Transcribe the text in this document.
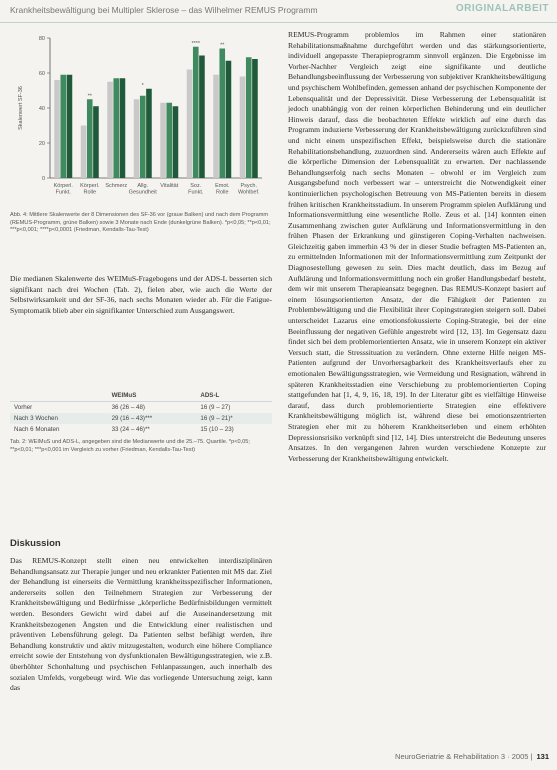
Krankheitsbewältigung bei Multipler Sklerose – das Wilhelmer REMUS Programm	ORIGINALARBEIT
0
20
40
60
80
Skalenwert SF-36
Körperl.
Funkt.
**
Körperl.
Rolle
Schmerz
*
Allg.
Gesundheit
Vitalität
****
Soz.
Funkt.
**
Emot.
Rolle
Psych.
Wohlbef.
Abb. 4: Mittlere Skalenwerte der 8 Dimensionen des SF-36 vor (graue Balken) und nach dem Programm (REMUS-Programm, grüne Balken) sowie 3 Monate nach Ende (dunkelgrüne Balken). *p<0,05; **p<0,01; ***p<0,001; ****p<0,0001 (Friedman, Kendalls-Tau-Test)

Die medianen Skalenwerte des WEIMuS-Fragebogens und der ADS-L besserten sich signifikant nach drei Wochen (Tab. 2), fielen aber, wie auch die Werte der Selbstwirksamkeit und der SF-36, nach sechs Monaten wieder ab. Für die Fatigue-Symptomatik blieb aber ein signifikanter Unterschied zum Ausgangswert.

	WEIMuS	ADS-L
Vorher	36 (26 – 48)	16 (9 – 27)
Nach 3 Wochen	29 (16 – 43)***	16 (9 – 21)*
Nach 6 Monaten	33 (24 – 46)**	15 (10 – 23)
Tab. 2: WEIMuS und ADS-L, angegeben sind die Medianwerte und die 25.–75. Quartile. *p<0,05; **p<0,01; ***p<0,001 im Vergleich zu vorher (Friedman, Kendalls-Tau-Test)
Diskussion

Das REMUS-Konzept stellt einen neu entwickelten interdisziplinären Behandlungsansatz zur Therapie junger und neu erkrankter Patienten mit MS dar. Ziel der Behandlung ist einerseits die Vermittlung krankheitsspezifischer Informationen, andererseits sollen den Teilnehmern Strategien zur Verbesserung der Krankheitsbewältigung und Bedürfnisse „körperliche Bedürfnisbildungen vermittelt werden. Besonders Gewicht wird dabei auf die Auseinandersetzung mit Krankheitsbezogenen Ängsten und die Entwicklung einer realistischen und präventiven Lebensführung gelegt. Da Patienten selbst befähigt werden, ihre Behandlung konstruktiv und aktiv mitzugestalten, wodurch eine höhere Compliance erreicht sowie der Entstehung von dysfunktionalen Bewältigungsstrategien, wie z.B. überhöhter Schonhaltung und psychischen Fehlanpassungen, auch innerhalb des sozialen Umfelds, vorgebeugt wird. Wie das vorliegende Untersuchung zeigt, kann das

REMUS-Programm problemlos im Rahmen einer stationären Rehabilitationsmaßnahme durchgeführt werden und das stärkungsorientierte, individuell angepasste Therapieprogramm sinnvoll ergänzen. Die Ergebnisse im Vorher-Nachher Vergleich zeigt eine signifikante und deutliche Behandlungsbeeinflussung der Verbesserung von subjektiver Krankheitsbewältigung und psychischem Wohlbefinden, gemessen anhand der psychischen Komponente der Lebensqualität und der Depressivität. Diese Verbesserung der Lebensqualität ist jedoch unabhängig von der reinen körperlichen Behinderung und ein deutlicher Hinweis darauf, dass die beobachteten Effekte wirklich auf eine durch das Programm induzierte Verbesserung der Krankheitsbewältigung zurückzuführen sind und nicht einem unspezifischen Effekt, beispielsweise durch die stationäre Rehabilitationsbehandlung, zuzuordnen sind. Andererseits wären auch Effekte auf die körperliche Dimension der Lebensqualität zu erwarten. Der nachlassende Behandlungserfolg nach sechs Monaten – obwohl er im Vergleich zum Ausgangsbefund noch verbessert war – unterstreicht die Notwendigkeit einer kontinuierlichen psychologischen Betreuung von MS-Patienten bereits in diesem frühen kritischen Krankheitsstadium. In unserem Programm spielen Aufklärung und Informationsvermittlung eine wesentliche Rolle. Zeus et al. [14] konnten einen Zusammenhang zwischen guter Aufklärung und Informationsvermittlung in den frühen Phasen der Erkrankung und günstigeren Coping-Verhalten nachweisen. Gleichzeitig gaben immerhin 43 % der in dieser Studie befragten MS-Patienten an, zu ermittelnden Informationen mit der Informationsvermittlung zum Zeitpunkt der Diagnosestellung gewesen zu sein. Dies macht deutlich, dass im Bezug auf Aufklärung und Informationsvermittlung noch ein großer Handlungsbedarf besteht, dem wir mit unserem Therapieansatz begegnen. Das REMUS-Konzept basiert auf einem lösungsorientierten Ansatz, der die Fähigkeit der Patienten zu Problembewältigung und die Flexibilität ihrer Copingstrategien steigern soll. Dabei unterscheidet Lazarus eine emotionsfokussierte Coping-Strategie, bei der eine Beeinflussung der negativen Gefühle angestrebt wird [12, 13]. Im Gegensatz dazu findet sich bei dem problemorientierten Ansatz, wie in unserem Konzept ein aktiver Versuch statt, die Stresssituation zu verändern. Ohne externe Hilfe neigen MS-Patienten aufgrund der Unvorhersagbarkeit des Krankheitsverlaufs eher zu emotionalen Bewältigungsstrategien, wie Vermeidung und Resignation, während in späteren Krankheitsstadien eine Verschiebung zu problemorientierten Coping stattgefunden hat [1, 4, 9, 16, 18, 19]. In der Literatur gibt es vielfältige Hinweise darauf, dass durch problemorientierte Strategien eine effektivere Krankheitsbewältigung möglich ist, während diese bei emotionszentrierten Strategien eher mit zu höherem Krankheitserleben und einem erhöhten Depressionsrisiko verknüpft sind [12, 14]. Dies unterstreicht die Bedeutung unseres Ansatzes. In den vergangenen Jahren wurden verschiedene Konzepte zur Verbesserung der Krankheitsbewältigung entwickelt.

NeuroGeriatrie & Rehabilitation 3 · 2005 | 131
